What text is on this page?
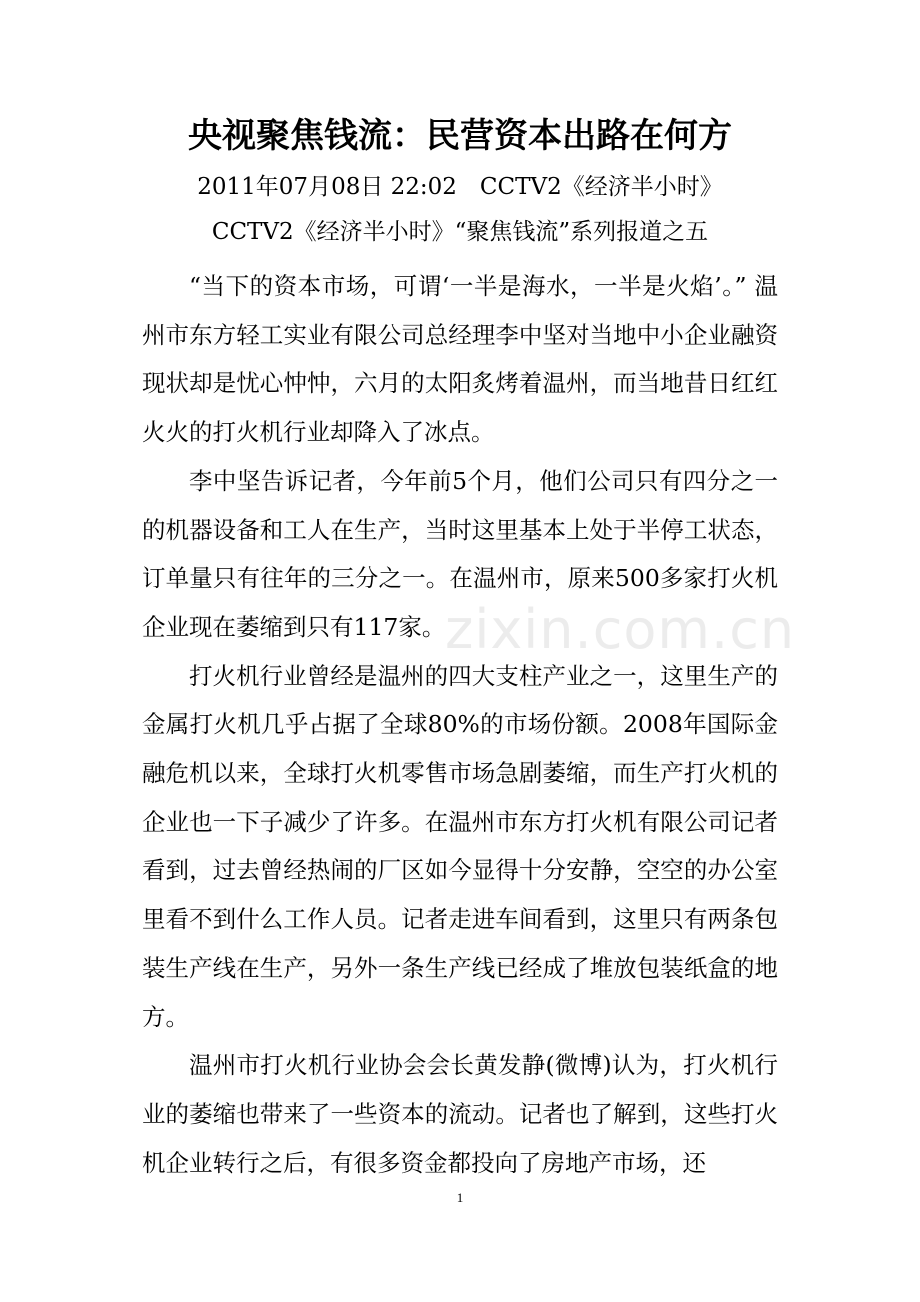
央视聚焦钱流：民营资本出路在何方
2011年07月08日 22:02　CCTV2《经济半小时》
CCTV2《经济半小时》“聚焦钱流”系列报道之五

“当下的资本市场，可谓‘一半是海水，一半是火焰’。” 温州市东方轻工实业有限公司总经理李中坚对当地中小企业融资现状却是忧心忡忡，六月的太阳炙烤着温州，而当地昔日红红火火的打火机行业却降入了冰点。

李中坚告诉记者，今年前5个月，他们公司只有四分之一的机器设备和工人在生产，当时这里基本上处于半停工状态，订单量只有往年的三分之一。在温州市，原来500多家打火机企业现在萎缩到只有117家。

打火机行业曾经是温州的四大支柱产业之一，这里生产的金属打火机几乎占据了全球80%的市场份额。2008年国际金融危机以来，全球打火机零售市场急剧萎缩，而生产打火机的企业也一下子减少了许多。在温州市东方打火机有限公司记者看到，过去曾经热闹的厂区如今显得十分安静，空空的办公室里看不到什么工作人员。记者走进车间看到，这里只有两条包装生产线在生产，另外一条生产线已经成了堆放包装纸盒的地方。

温州市打火机行业协会会长黄发静(微博)认为，打火机行业的萎缩也带来了一些资本的流动。记者也了解到，这些打火机企业转行之后，有很多资金都投向了房地产市场，还

zixin.com.cn
1
